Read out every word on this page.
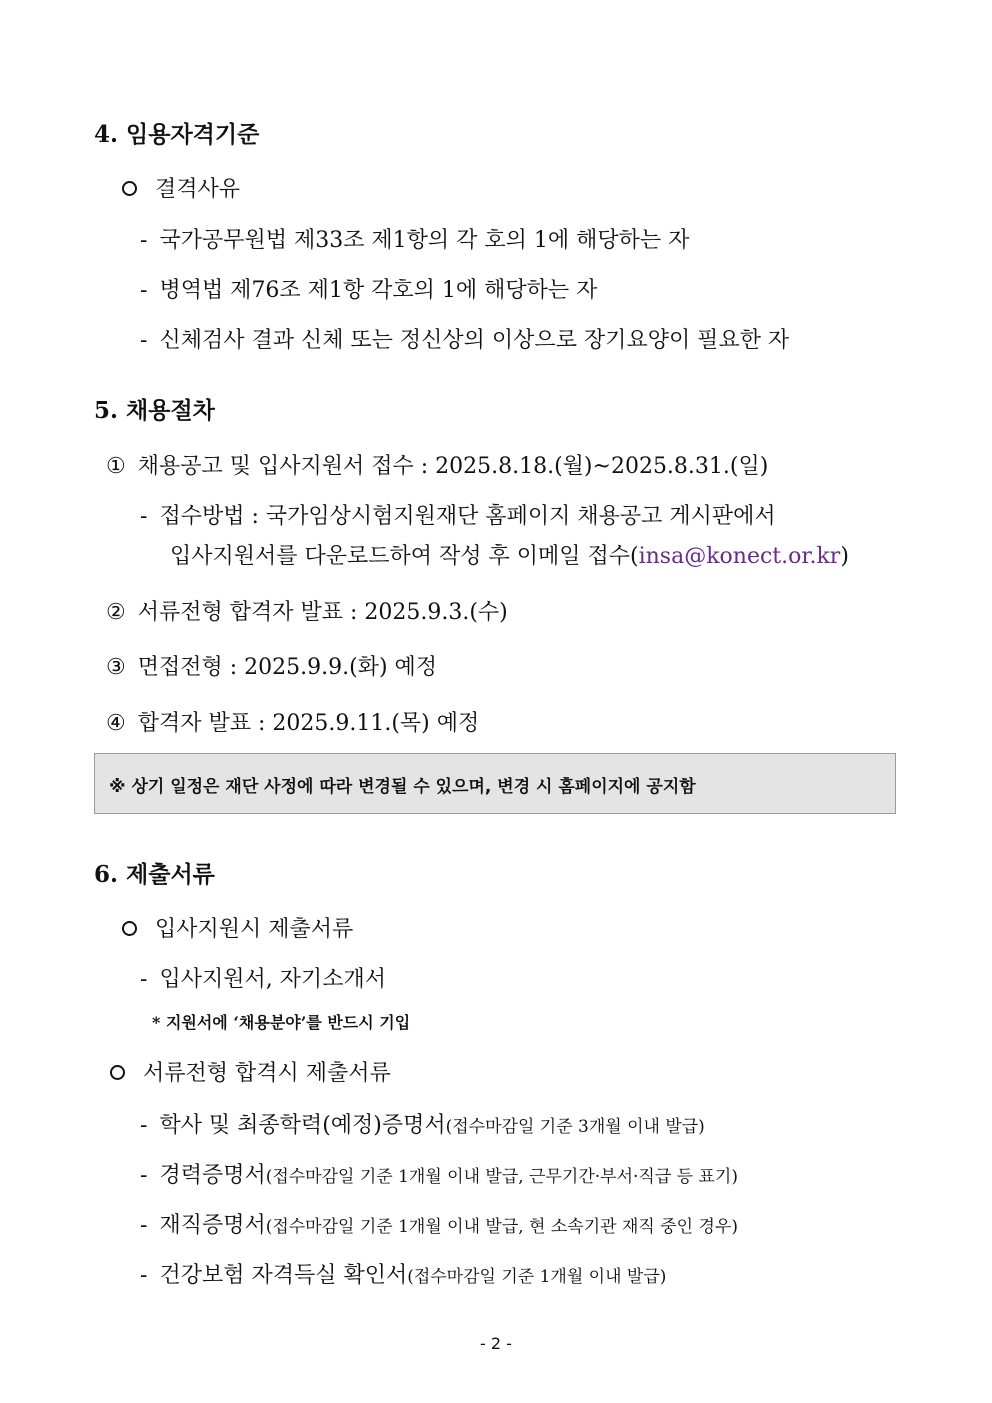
4. 임용자격기준
결격사유
- 국가공무원법 제33조 제1항의 각 호의 1에 해당하는 자
- 병역법 제76조 제1항 각호의 1에 해당하는 자
- 신체검사 결과 신체 또는 정신상의 이상으로 장기요양이 필요한 자
5. 채용절차
① 채용공고 및 입사지원서 접수 : 2025.8.18.(월)~2025.8.31.(일)
- 접수방법 : 국가임상시험지원재단 홈페이지 채용공고 게시판에서
입사지원서를 다운로드하여 작성 후 이메일 접수(insa@konect.or.kr)
② 서류전형 합격자 발표 : 2025.9.3.(수)
③ 면접전형 : 2025.9.9.(화) 예정
④ 합격자 발표 : 2025.9.11.(목) 예정
※ 상기 일정은 재단 사정에 따라 변경될 수 있으며, 변경 시 홈페이지에 공지함
6. 제출서류
입사지원시 제출서류
- 입사지원서, 자기소개서
* 지원서에 ‘채용분야’를 반드시 기입
서류전형 합격시 제출서류
- 학사 및 최종학력(예정)증명서(접수마감일 기준 3개월 이내 발급)
- 경력증명서(접수마감일 기준 1개월 이내 발급, 근무기간·부서·직급 등 표기)
- 재직증명서(접수마감일 기준 1개월 이내 발급, 현 소속기관 재직 중인 경우)
- 건강보험 자격득실 확인서(접수마감일 기준 1개월 이내 발급)
- 2 -
